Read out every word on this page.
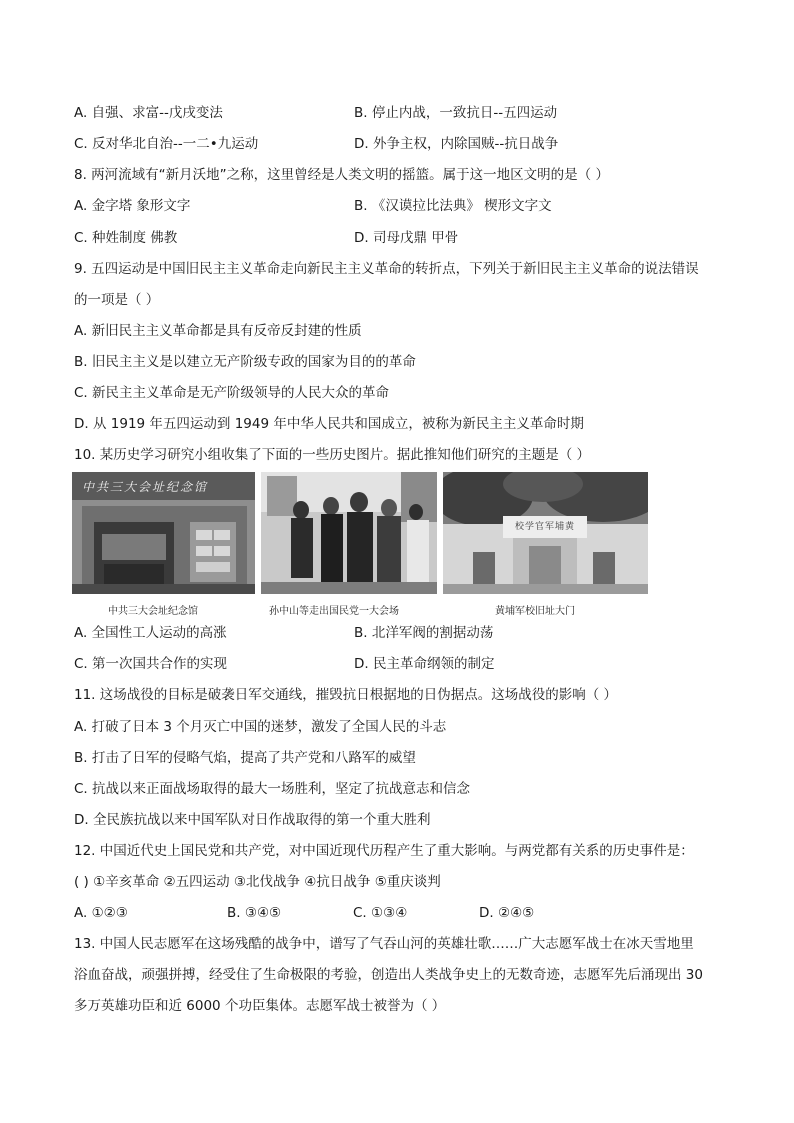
A. 自强、求富--戊戌变法	B. 停止内战，一致抗日--五四运动
C. 反对华北自治--一二•九运动	D. 外争主权，内除国贼--抗日战争
8. 两河流域有“新月沃地”之称，这里曾经是人类文明的摇篮。属于这一地区文明的是（ ）
A. 金字塔 象形文字	B. 《汉谟拉比法典》 楔形文字文
C. 种姓制度 佛教	D. 司母戊鼎 甲骨
9. 五四运动是中国旧民主主义革命走向新民主主义革命的转折点，下列关于新旧民主主义革命的说法错误
的一项是（ ）
A. 新旧民主主义革命都是具有反帝反封建的性质
B. 旧民主主义是以建立无产阶级专政的国家为目的的革命
C. 新民主主义革命是无产阶级领导的人民大众的革命
D. 从 1919 年五四运动到 1949 年中华人民共和国成立，被称为新民主主义革命时期
10. 某历史学习研究小组收集了下面的一些历史图片。据此推知他们研究的主题是（ ）
中共三大会址纪念馆
校学官军埔黄
中共三大会址纪念馆	孙中山等走出国民党一大会场	黄埔军校旧址大门
A. 全国性工人运动的高涨	B. 北洋军阀的割据动荡
C. 第一次国共合作的实现	D. 民主革命纲领的制定
11. 这场战役的目标是破袭日军交通线，摧毁抗日根据地的日伪据点。这场战役的影响（ ）
A. 打破了日本 3 个月灭亡中国的迷梦，激发了全国人民的斗志
B. 打击了日军的侵略气焰，提高了共产党和八路军的威望
C. 抗战以来正面战场取得的最大一场胜利，坚定了抗战意志和信念
D. 全民族抗战以来中国军队对日作战取得的第一个重大胜利
12. 中国近代史上国民党和共产党，对中国近现代历程产生了重大影响。与两党都有关系的历史事件是：
( ) ①辛亥革命 ②五四运动 ③北伐战争 ④抗日战争 ⑤重庆谈判
A. ①②③	B. ③④⑤	C. ①③④	D. ②④⑤
13. 中国人民志愿军在这场残酷的战争中，谱写了气吞山河的英雄壮歌……广大志愿军战士在冰天雪地里
浴血奋战，顽强拼搏，经受住了生命极限的考验，创造出人类战争史上的无数奇迹，志愿军先后涌现出 30
多万英雄功臣和近 6000 个功臣集体。志愿军战士被誉为（ ）
